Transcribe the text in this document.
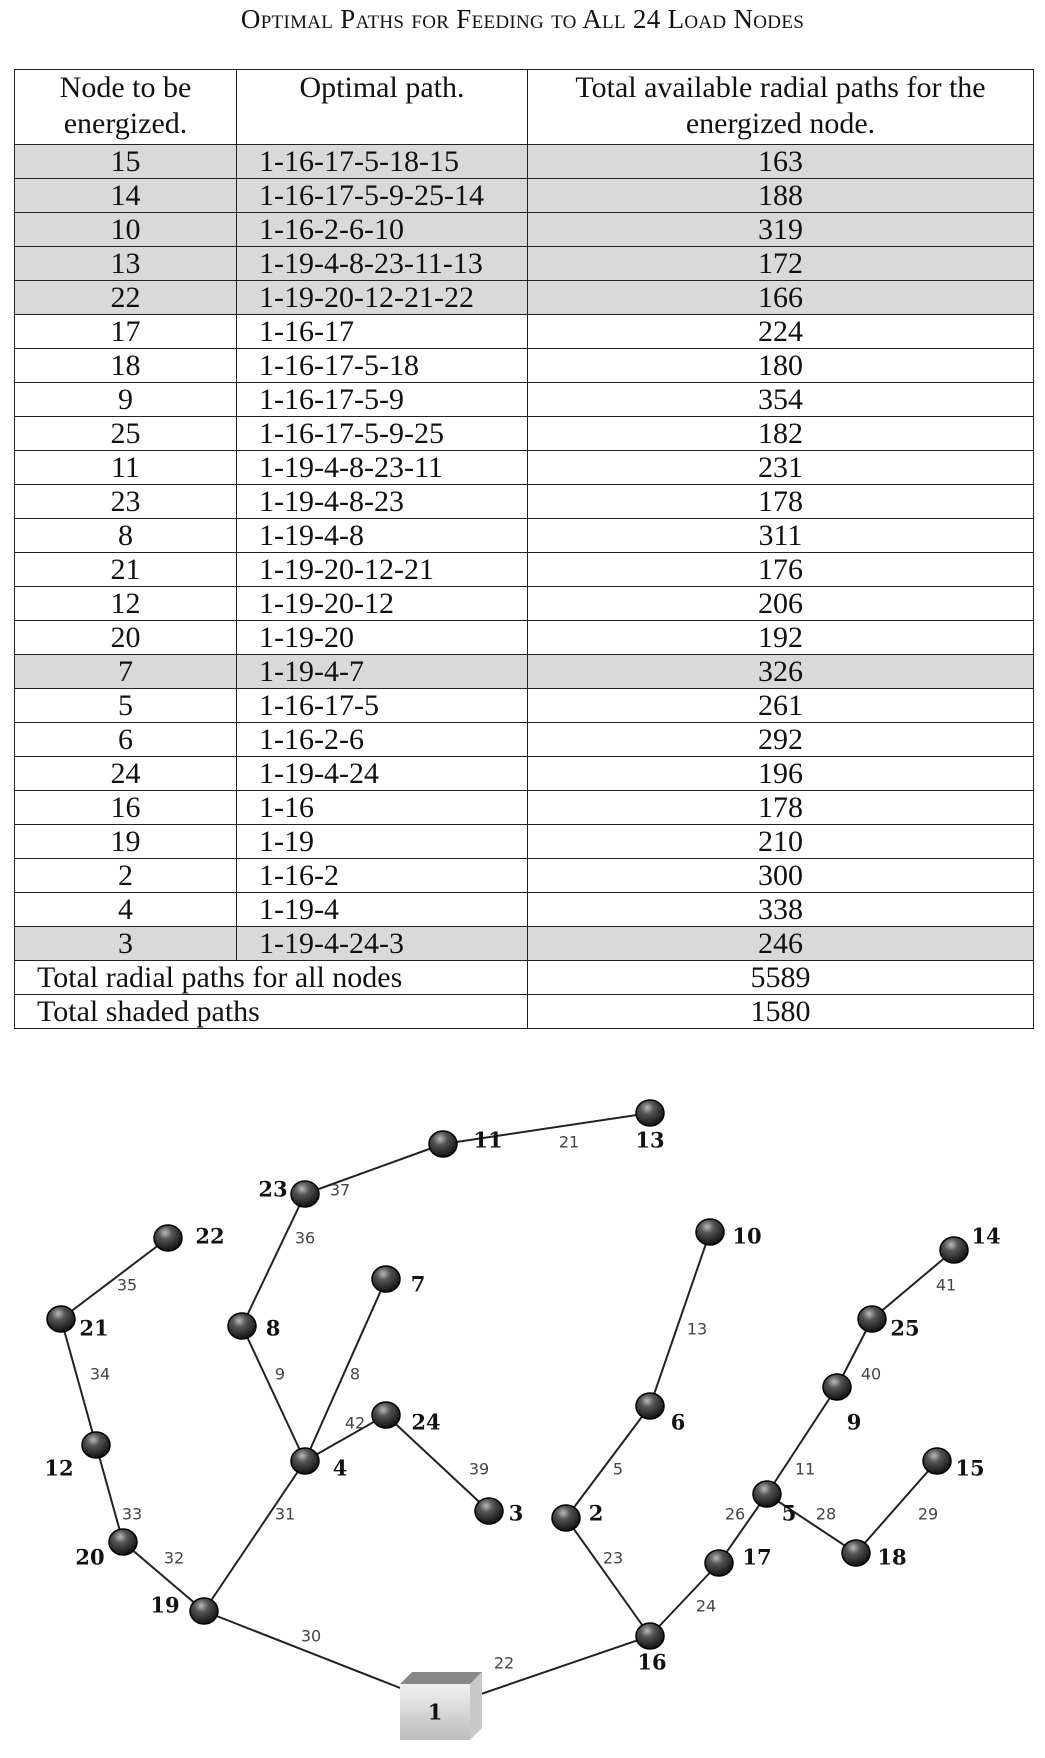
Optimal Paths for Feeding to All 24 Load Nodes
Node to be energized.	Optimal path.	Total available radial paths for the energized node.
15	1-16-17-5-18-15	163
14	1-16-17-5-9-25-14	188
10	1-16-2-6-10	319
13	1-19-4-8-23-11-13	172
22	1-19-20-12-21-22	166
17	1-16-17	224
18	1-16-17-5-18	180
9	1-16-17-5-9	354
25	1-16-17-5-9-25	182
11	1-19-4-8-23-11	231
23	1-19-4-8-23	178
8	1-19-4-8	311
21	1-19-20-12-21	176
12	1-19-20-12	206
20	1-19-20	192
7	1-19-4-7	326
5	1-16-17-5	261
6	1-16-2-6	292
24	1-19-4-24	196
16	1-16	178
19	1-19	210
2	1-16-2	300
4	1-19-4	338
3	1-19-4-24-3	246
Total radial paths for all nodes		5589
Total shaded paths		1580
21
37
36
35
34
33
32
31
9	8
42
39
30
22
23
5
13
24
26
11
40
41
28	29
1
2
3
4
5
6
7
8
9
10
11
12
13
14
15
16
17	18
19
20
21
22
23
24
25
